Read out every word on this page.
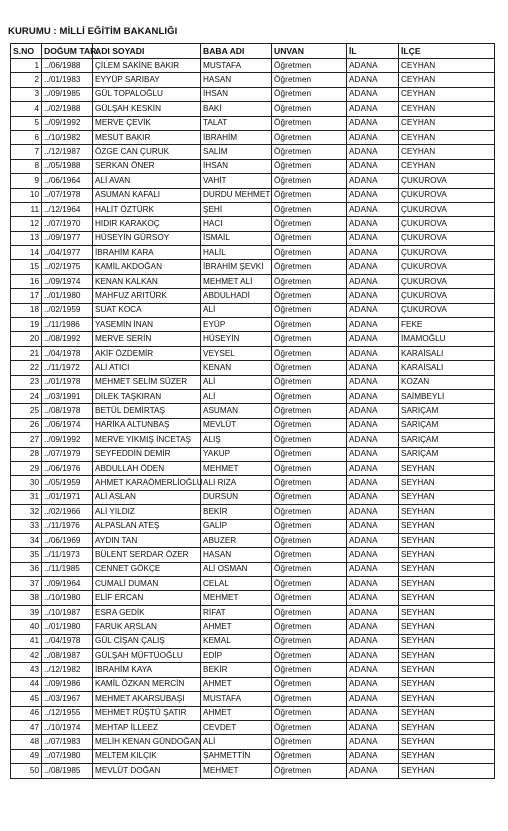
KURUMU : MİLLİ EĞİTİM BAKANLIĞI
S.NO	DOĞUM TAR.	ADI SOYADI	BABA ADI	UNVAN	İL	İLÇE
1	../06/1988	ÇİLEM SAKİNE BAKIR	MUSTAFA	Öğretmen	ADANA	CEYHAN
2	../01/1983	EYYÜP SARIBAY	HASAN	Öğretmen	ADANA	CEYHAN
3	../09/1985	GÜL TOPALOĞLU	İHSAN	Öğretmen	ADANA	CEYHAN
4	../02/1988	GÜLŞAH KESKİN	BAKİ	Öğretmen	ADANA	CEYHAN
5	../09/1992	MERVE ÇEVİK	TALAT	Öğretmen	ADANA	CEYHAN
6	../10/1982	MESUT BAKIR	İBRAHİM	Öğretmen	ADANA	CEYHAN
7	../12/1987	ÖZGE CAN ÇURUK	SALİM	Öğretmen	ADANA	CEYHAN
8	../05/1988	SERKAN ÖNER	İHSAN	Öğretmen	ADANA	CEYHAN
9	../06/1964	ALİ AVAN	VAHİT	Öğretmen	ADANA	ÇUKUROVA
10	../07/1978	ASUMAN KAFALI	DURDU MEHMET	Öğretmen	ADANA	ÇUKUROVA
11	../12/1964	HALİT ÖZTÜRK	ŞEHİ	Öğretmen	ADANA	ÇUKUROVA
12	../07/1970	HIDIR KARAKOÇ	HACI	Öğretmen	ADANA	ÇUKUROVA
13	../09/1977	HÜSEYİN GÜRSOY	İSMAİL	Öğretmen	ADANA	ÇUKUROVA
14	../04/1977	İBRAHİM KARA	HALİL	Öğretmen	ADANA	ÇUKUROVA
15	../02/1975	KAMİL AKDOĞAN	İBRAHİM ŞEVKİ	Öğretmen	ADANA	ÇUKUROVA
16	../09/1974	KENAN KALKAN	MEHMET ALİ	Öğretmen	ADANA	ÇUKUROVA
17	../01/1980	MAHFUZ ARITÜRK	ABDULHADİ	Öğretmen	ADANA	ÇUKUROVA
18	../02/1959	SUAT KOCA	ALİ	Öğretmen	ADANA	ÇUKUROVA
19	../11/1986	YASEMİN İNAN	EYÜP	Öğretmen	ADANA	FEKE
20	../08/1992	MERVE SERİN	HÜSEYİN	Öğretmen	ADANA	İMAMOĞLU
21	../04/1978	AKİF ÖZDEMİR	VEYSEL	Öğretmen	ADANA	KARAİSALI
22	../11/1972	ALİ ATICI	KENAN	Öğretmen	ADANA	KARAİSALI
23	../01/1978	MEHMET SELİM SÜZER	ALİ	Öğretmen	ADANA	KOZAN
24	../03/1991	DİLEK TAŞKIRAN	ALİ	Öğretmen	ADANA	SAİMBEYLİ
25	../08/1978	BETÜL DEMİRTAŞ	ASUMAN	Öğretmen	ADANA	SARIÇAM
26	../06/1974	HARİKA ALTUNBAŞ	MEVLÜT	Öğretmen	ADANA	SARIÇAM
27	../09/1992	MERVE YIKMIŞ İNCETAŞ	ALIŞ	Öğretmen	ADANA	SARIÇAM
28	../07/1979	SEYFEDDİN DEMİR	YAKUP	Öğretmen	ADANA	SARIÇAM
29	../06/1976	ABDULLAH ÖDEN	MEHMET	Öğretmen	ADANA	SEYHAN
30	../05/1959	AHMET KARAÖMERLİOĞLU	ALİ RIZA	Öğretmen	ADANA	SEYHAN
31	../01/1971	ALİ ASLAN	DURSUN	Öğretmen	ADANA	SEYHAN
32	../02/1966	ALİ YILDIZ	BEKİR	Öğretmen	ADANA	SEYHAN
33	../11/1976	ALPASLAN ATEŞ	GALİP	Öğretmen	ADANA	SEYHAN
34	../06/1969	AYDIN TAN	ABUZER	Öğretmen	ADANA	SEYHAN
35	../11/1973	BÜLENT SERDAR ÖZER	HASAN	Öğretmen	ADANA	SEYHAN
36	../11/1985	CENNET GÖKÇE	ALİ OSMAN	Öğretmen	ADANA	SEYHAN
37	../09/1964	CUMALİ DUMAN	CELAL	Öğretmen	ADANA	SEYHAN
38	../10/1980	ELİF ERCAN	MEHMET	Öğretmen	ADANA	SEYHAN
39	../10/1987	ESRA GEDİK	RİFAT	Öğretmen	ADANA	SEYHAN
40	../01/1980	FARUK ARSLAN	AHMET	Öğretmen	ADANA	SEYHAN
41	../04/1978	GÜL CİŞAN ÇALIŞ	KEMAL	Öğretmen	ADANA	SEYHAN
42	../08/1987	GÜLŞAH MÜFTÜOĞLU	EDİP	Öğretmen	ADANA	SEYHAN
43	../12/1982	İBRAHİM KAYA	BEKİR	Öğretmen	ADANA	SEYHAN
44	../09/1986	KAMİL ÖZKAN MERCİN	AHMET	Öğretmen	ADANA	SEYHAN
45	../03/1967	MEHMET AKARSUBAŞI	MUSTAFA	Öğretmen	ADANA	SEYHAN
46	../12/1955	MEHMET RÜŞTÜ ŞATIR	AHMET	Öğretmen	ADANA	SEYHAN
47	../10/1974	MEHTAP İLLEEZ	CEVDET	Öğretmen	ADANA	SEYHAN
48	../07/1983	MELİH KENAN GÜNDOĞAN	ALİ	Öğretmen	ADANA	SEYHAN
49	../07/1980	MELTEM KILÇIK	ŞAHMETTİN	Öğretmen	ADANA	SEYHAN
50	../08/1985	MEVLÜT DOĞAN	MEHMET	Öğretmen	ADANA	SEYHAN
